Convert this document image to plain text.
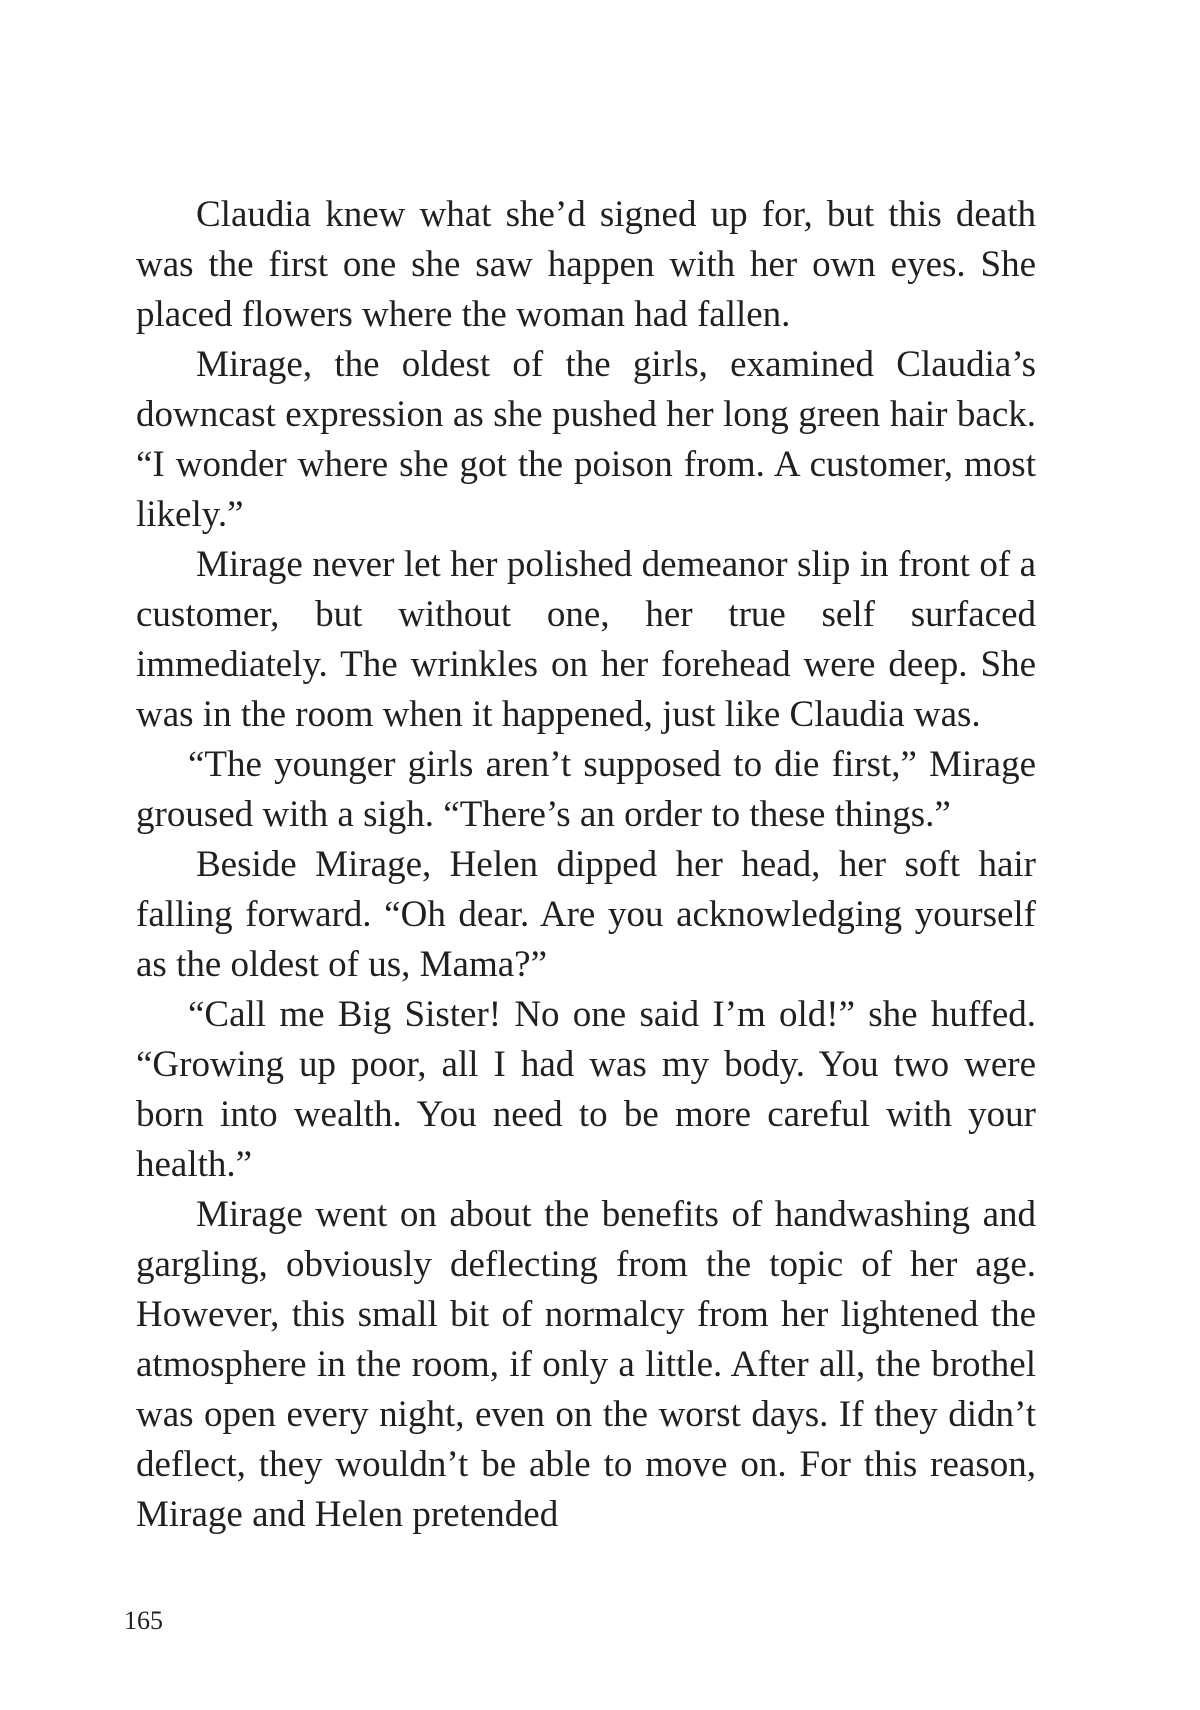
Claudia knew what she’d signed up for, but this death was the first one she saw happen with her own eyes. She placed flowers where the woman had fallen.

Mirage, the oldest of the girls, examined Claudia’s downcast expression as she pushed her long green hair back. “I wonder where she got the poison from. A customer, most likely.”

Mirage never let her polished demeanor slip in front of a customer, but without one, her true self surfaced immediately. The wrinkles on her forehead were deep. She was in the room when it happened, just like Claudia was.

“The younger girls aren’t supposed to die first,” Mirage groused with a sigh. “There’s an order to these things.”

Beside Mirage, Helen dipped her head, her soft hair falling forward. “Oh dear. Are you acknowledging yourself as the oldest of us, Mama?”

“Call me Big Sister! No one said I’m old!” she huffed. “Growing up poor, all I had was my body. You two were born into wealth. You need to be more careful with your health.”

Mirage went on about the benefits of handwashing and gargling, obviously deflecting from the topic of her age. However, this small bit of normalcy from her lightened the atmosphere in the room, if only a little. After all, the brothel was open every night, even on the worst days. If they didn’t deflect, they wouldn’t be able to move on. For this reason, Mirage and Helen pretended

165
